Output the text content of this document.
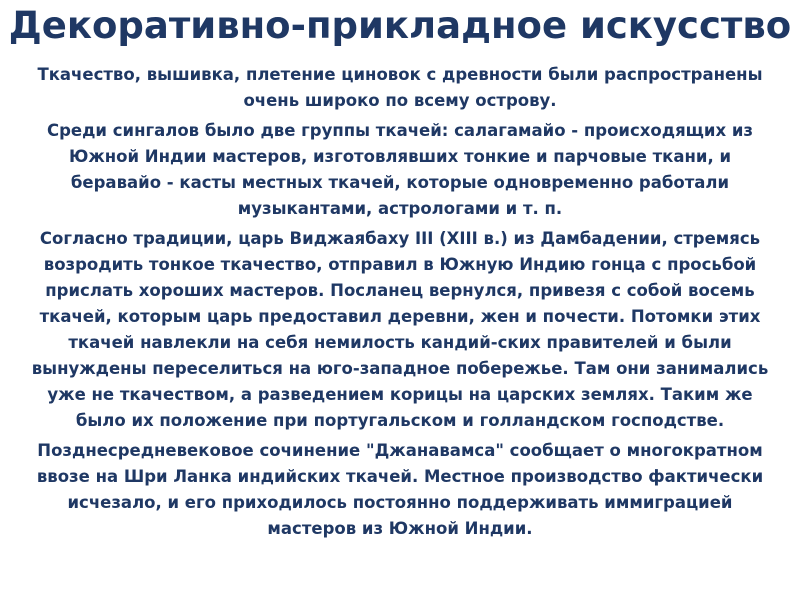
Декоративно-прикладное искусство

Ткачество, вышивка, плетение циновок с древности были распространены очень широко по всему острову.

Среди сингалов было две группы ткачей: салагамайо - происходящих из Южной Индии мастеров, изготовлявших тонкие и парчовые ткани, и беравайо - касты местных ткачей, которые одновременно работали музыкантами, астрологами и т. п.

Согласно традиции, царь Виджаябаху III (XIII в.) из Дамбадении, стремясь возродить тонкое ткачество, отправил в Южную Индию гонца с просьбой прислать хороших мастеров. Посланец вернулся, привезя с собой восемь ткачей, которым царь предоставил деревни, жен и почести. Потомки этих ткачей навлекли на себя немилость кандий-ских правителей и были вынуждены переселиться на юго-западное побережье. Там они занимались уже не ткачеством, а разведением корицы на царских землях. Таким же было их положение при португальском и голландском господстве.

Позднесредневековое сочинение "Джанавамса" сообщает о многократном ввозе на Шри Ланка индийских ткачей. Местное производство фактически исчезало, и его приходилось постоянно поддерживать иммиграцией мастеров из Южной Индии.
